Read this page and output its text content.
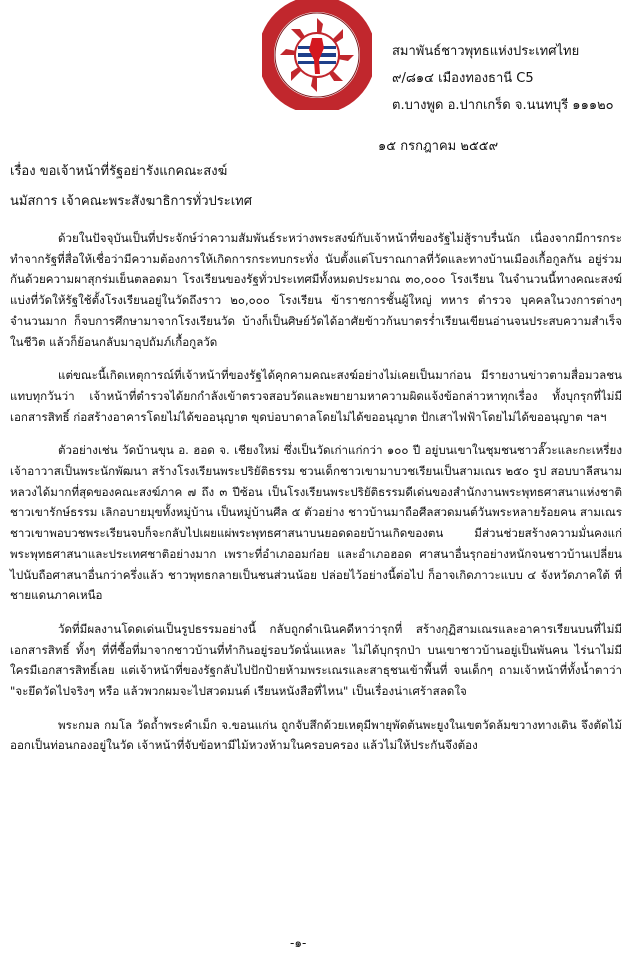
สมาพันธ์ชาวพุทธแห่งประเทศไทย
๙/๘๑๔ เมืองทองธานี C5
ต.บางพูด อ.ปากเกร็ด จ.นนทบุรี ๑๑๑๒๐
๑๕ กรกฎาคม ๒๕๕๙
เรื่อง ขอเจ้าหน้าที่รัฐอย่ารังแกคณะสงฆ์
นมัสการ เจ้าคณะพระสังฆาธิการทั่วประเทศ

ด้วยในปัจจุบันเป็นที่ประจักษ์ว่าความสัมพันธ์ระหว่างพระสงฆ์กับเจ้าหน้าที่ของรัฐไม่สู้ราบรื่นนัก เนื่องจากมีการกระทำจากรัฐที่สื่อให้เชื่อว่ามีความต้องการให้เกิดการกระทบกระทั่ง นับตั้งแต่โบราณกาลที่วัดและทางบ้านเมืองเกื้อกูลกัน อยู่ร่วมกันด้วยความผาสุกร่มเย็นตลอดมา โรงเรียนของรัฐทั่วประเทศมีทั้งหมดประมาณ ๓๐,๐๐๐ โรงเรียน ในจำนวนนี้ทางคณะสงฆ์แบ่งที่วัดให้รัฐใช้ตั้งโรงเรียนอยู่ในวัดถึงราว ๒๐,๐๐๐ โรงเรียน ข้าราชการชั้นผู้ใหญ่ ทหาร ตำรวจ บุคคลในวงการต่างๆ จำนวนมาก ก็จบการศึกษามาจากโรงเรียนวัด บ้างก็เป็นศิษย์วัดได้อาศัยข้าวก้นบาตรร่ำเรียนเขียนอ่านจนประสบความสำเร็จในชีวิต แล้วก็ย้อนกลับมาอุปถัมภ์เกื้อกูลวัด

แต่ขณะนี้เกิดเหตุการณ์ที่เจ้าหน้าที่ของรัฐได้คุกคามคณะสงฆ์อย่างไม่เคยเป็นมาก่อน มีรายงานข่าวตามสื่อมวลชนแทบทุกวันว่า เจ้าหน้าที่ตำรวจได้ยกกำลังเข้าตรวจสอบวัดและพยายามหาความผิดแจ้งข้อกล่าวหาทุกเรื่อง ทั้งบุกรุกที่ไม่มีเอกสารสิทธิ์ ก่อสร้างอาคารโดยไม่ได้ขออนุญาต ขุดบ่อบาดาลโดยไม่ได้ขออนุญาต ปักเสาไฟฟ้าโดยไม่ได้ขออนุญาต ฯลฯ

ตัวอย่างเช่น วัดบ้านขุน อ. ฮอด จ. เชียงใหม่ ซึ่งเป็นวัดเก่าแก่กว่า ๑๐๐ ปี อยู่บนเขาในชุมชนชาวลั๊วะและกะเหรี่ยง เจ้าอาวาสเป็นพระนักพัฒนา สร้างโรงเรียนพระปริยัติธรรม ชวนเด็กชาวเขามาบวชเรียนเป็นสามเณร ๒๕๐ รูป สอบบาลีสนามหลวงได้มากที่สุดของคณะสงฆ์ภาค ๗ ถึง ๓ ปีซ้อน เป็นโรงเรียนพระปริยัติธรรมดีเด่นของสำนักงานพระพุทธศาสนาแห่งชาติ ชาวเขารักษ์ธรรม เลิกอบายมุขทั้งหมู่บ้าน เป็นหมู่บ้านศีล ๕ ตัวอย่าง ชาวบ้านมาถือศีลสวดมนต์วันพระหลายร้อยคน สามเณรชาวเขาพอบวชพระเรียนจบก็จะกลับไปเผยแผ่พระพุทธศาสนาบนยอดดอยบ้านเกิดของตน มีส่วนช่วยสร้างความมั่นคงแก่พระพุทธศาสนาและประเทศชาติอย่างมาก เพราะที่อำเภออมก๋อย และอำเภอฮอด ศาสนาอื่นรุกอย่างหนักจนชาวบ้านเปลี่ยนไปนับถือศาสนาอื่นกว่าครึ่งแล้ว ชาวพุทธกลายเป็นชนส่วนน้อย ปล่อยไว้อย่างนี้ต่อไป ก็อาจเกิดภาวะแบบ ๔ จังหวัดภาคใต้ ที่ชายแดนภาคเหนือ

วัดที่มีผลงานโดดเด่นเป็นรูปธรรมอย่างนี้ กลับถูกดำเนินคดีหาว่ารุกที่ สร้างกุฏิสามเณรและอาคารเรียนบนที่ไม่มีเอกสารสิทธิ์ ทั้งๆ ที่ที่ซื้อที่มาจากชาวบ้านที่ทำกินอยู่รอบวัดนั่นแหละ ไม่ได้บุกรุกป่า บนเขาชาวบ้านอยู่เป็นพันคน ไร่นาไม่มีใครมีเอกสารสิทธิ์เลย แต่เจ้าหน้าที่ของรัฐกลับไปปักป้ายห้ามพระเณรและสาธุชนเข้าพื้นที่ จนเด็กๆ ถามเจ้าหน้าที่ทั้งน้ำตาว่า "จะยึดวัดไปจริงๆ หรือ แล้วพวกผมจะไปสวดมนต์ เรียนหนังสือที่ไหน" เป็นเรื่องน่าเศร้าสลดใจ

พระกมล กมโล วัดถ้ำพระคำเม็ก จ.ขอนแก่น ถูกจับสึกด้วยเหตุมีพายุพัดต้นพะยูงในเขตวัดล้มขวางทางเดิน จึงตัดไม้ออกเป็นท่อนกองอยู่ในวัด เจ้าหน้าที่จับข้อหามีไม้หวงห้ามในครอบครอง แล้วไม่ให้ประกันจึงต้อง

-๑-
